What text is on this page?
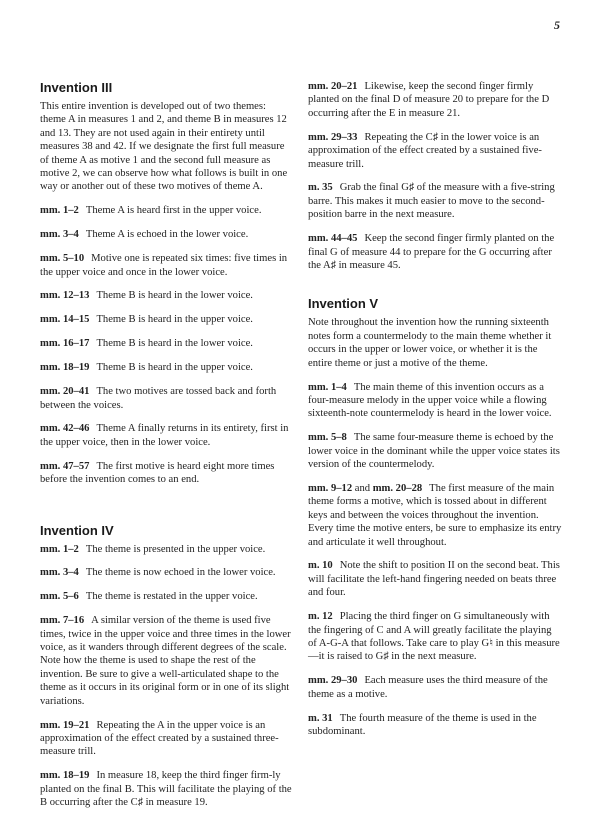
5
Invention III

This entire invention is developed out of two themes: theme A in measures 1 and 2, and theme B in measures 12 and 13. They are not used again in their entirety until measures 38 and 42. If we designate the first full measure of theme A as motive 1 and the second full measure as motive 2, we can observe how what follows is built in one way or another out of these two motives of theme A.

mm. 1–2 Theme A is heard first in the upper voice.

mm. 3–4 Theme A is echoed in the lower voice.

mm. 5–10 Motive one is repeated six times: five times in the upper voice and once in the lower voice.

mm. 12–13 Theme B is heard in the lower voice.

mm. 14–15 Theme B is heard in the upper voice.

mm. 16–17 Theme B is heard in the lower voice.

mm. 18–19 Theme B is heard in the upper voice.

mm. 20–41 The two motives are tossed back and forth between the voices.

mm. 42–46 Theme A finally returns in its entirety, first in the upper voice, then in the lower voice.

mm. 47–57 The first motive is heard eight more times before the invention comes to an end.

Invention IV

mm. 1–2 The theme is presented in the upper voice.

mm. 3–4 The theme is now echoed in the lower voice.

mm. 5–6 The theme is restated in the upper voice.

mm. 7–16 A similar version of the theme is used five times, twice in the upper voice and three times in the lower voice, as it wanders through different degrees of the scale. Note how the theme is used to shape the rest of the invention. Be sure to give a well-articulated shape to the theme as it occurs in its original form or in one of its slight variations.

mm. 19–21 Repeating the A in the upper voice is an approximation of the effect created by a sustained three-measure trill.

mm. 18–19 In measure 18, keep the third finger firm-ly planted on the final B. This will facilitate the playing of the B occurring after the C♯ in measure 19.

mm. 20–21 Likewise, keep the second finger firmly planted on the final D of measure 20 to prepare for the D occurring after the E in measure 21.

mm. 29–33 Repeating the C♯ in the lower voice is an approximation of the effect created by a sustained five-measure trill.

m. 35 Grab the final G♯ of the measure with a five-string barre. This makes it much easier to move to the second-position barre in the next measure.

mm. 44–45 Keep the second finger firmly planted on the final G of measure 44 to prepare for the G occurring after the A♯ in measure 45.

Invention V

Note throughout the invention how the running sixteenth notes form a countermelody to the main theme whether it occurs in the upper or lower voice, or whether it is the entire theme or just a motive of the theme.

mm. 1–4 The main theme of this invention occurs as a four-measure melody in the upper voice while a flowing sixteenth-note countermelody is heard in the lower voice.

mm. 5–8 The same four-measure theme is echoed by the lower voice in the dominant while the upper voice states its version of the countermelody.

mm. 9–12 and mm. 20–28 The first measure of the main theme forms a motive, which is tossed about in different keys and between the voices throughout the invention. Every time the motive enters, be sure to emphasize its entry and articulate it well throughout.

m. 10 Note the shift to position II on the second beat. This will facilitate the left-hand fingering needed on beats three and four.

m. 12 Placing the third finger on G simultaneously with the fingering of C and A will greatly facilitate the playing of A-G-A that follows. Take care to play G♮ in this measure—it is raised to G♯ in the next measure.

mm. 29–30 Each measure uses the third measure of the theme as a motive.

m. 31 The fourth measure of the theme is used in the subdominant.
